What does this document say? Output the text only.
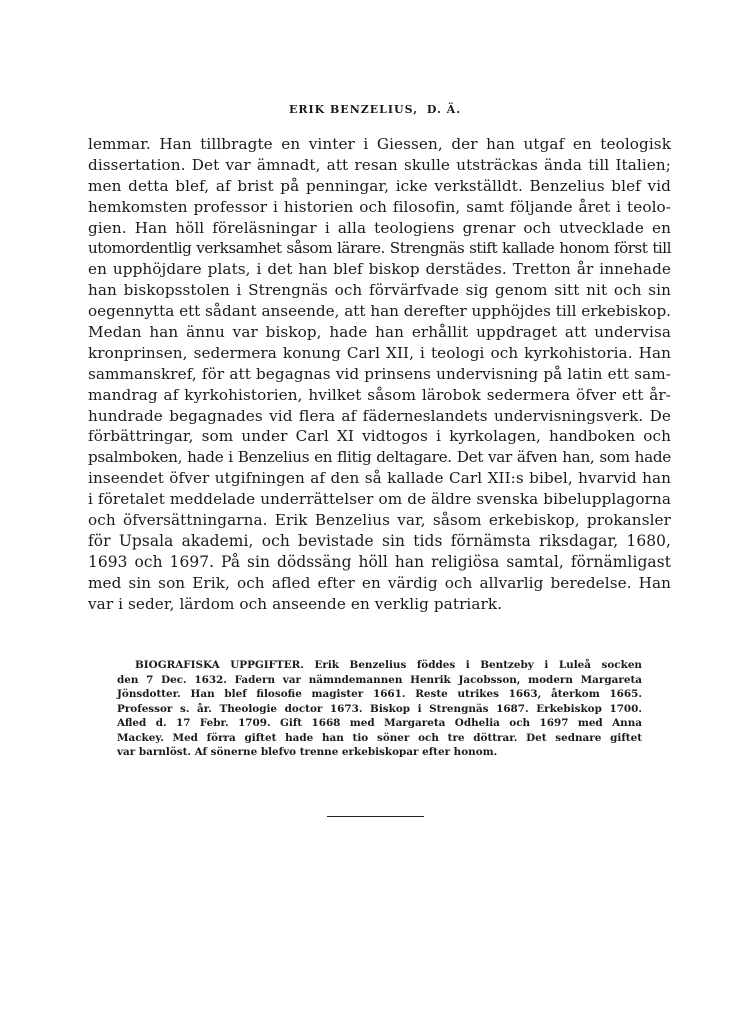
ERIK BENZELIUS, D. Ä.
lemmar. Han tillbragte en vinter i Giessen, der han utgaf en teologisk
dissertation. Det var ämnadt, att resan skulle utsträckas ända till Italien;
men detta blef, af brist på penningar, icke verkställdt. Benzelius blef vid
hemkomsten professor i historien och filosofin, samt följande året i teolo-
gien. Han höll föreläsningar i alla teologiens grenar och utvecklade en
utomordentlig verksamhet såsom lärare. Strengnäs stift kallade honom först till
en upphöjdare plats, i det han blef biskop derstädes. Tretton år innehade
han biskopsstolen i Strengnäs och förvärfvade sig genom sitt nit och sin
oegennytta ett sådant anseende, att han derefter upphöjdes till erkebiskop.
Medan han ännu var biskop, hade han erhållit uppdraget att undervisa
kronprinsen, sedermera konung Carl XII, i teologi och kyrkohistoria. Han
sammanskref, för att begagnas vid prinsens undervisning på latin ett sam-
mandrag af kyrkohistorien, hvilket såsom lärobok sedermera öfver ett år-
hundrade begagnades vid flera af fäderneslandets undervisningsverk. De
förbättringar, som under Carl XI vidtogos i kyrkolagen, handboken och
psalmboken, hade i Benzelius en flitig deltagare. Det var äfven han, som hade
inseendet öfver utgifningen af den så kallade Carl XII:s bibel, hvarvid han
i företalet meddelade underrättelser om de äldre svenska bibelupplagorna
och öfversättningarna. Erik Benzelius var, såsom erkebiskop, prokansler
för Upsala akademi, och bevistade sin tids förnämsta riksdagar, 1680,
1693 och 1697. På sin dödssäng höll han religiösa samtal, förnämligast
med sin son Erik, och afled efter en värdig och allvarlig beredelse. Han
var i seder, lärdom och anseende en verklig patriark.
BIOGRAFISKA UPPGIFTER. Erik Benzelius föddes i Bentzeby i Luleå socken
den 7 Dec. 1632. Fadern var nämndemannen Henrik Jacobsson, modern Margareta
Jönsdotter. Han blef filosofie magister 1661. Reste utrikes 1663, återkom 1665.
Professor s. år. Theologie doctor 1673. Biskop i Strengnäs 1687. Erkebiskop 1700.
Afled d. 17 Febr. 1709. Gift 1668 med Margareta Odhelia och 1697 med Anna
Mackey. Med förra giftet hade han tio söner och tre döttrar. Det sednare giftet
var barnlöst. Af sönerne blefvo trenne erkebiskopar efter honom.
